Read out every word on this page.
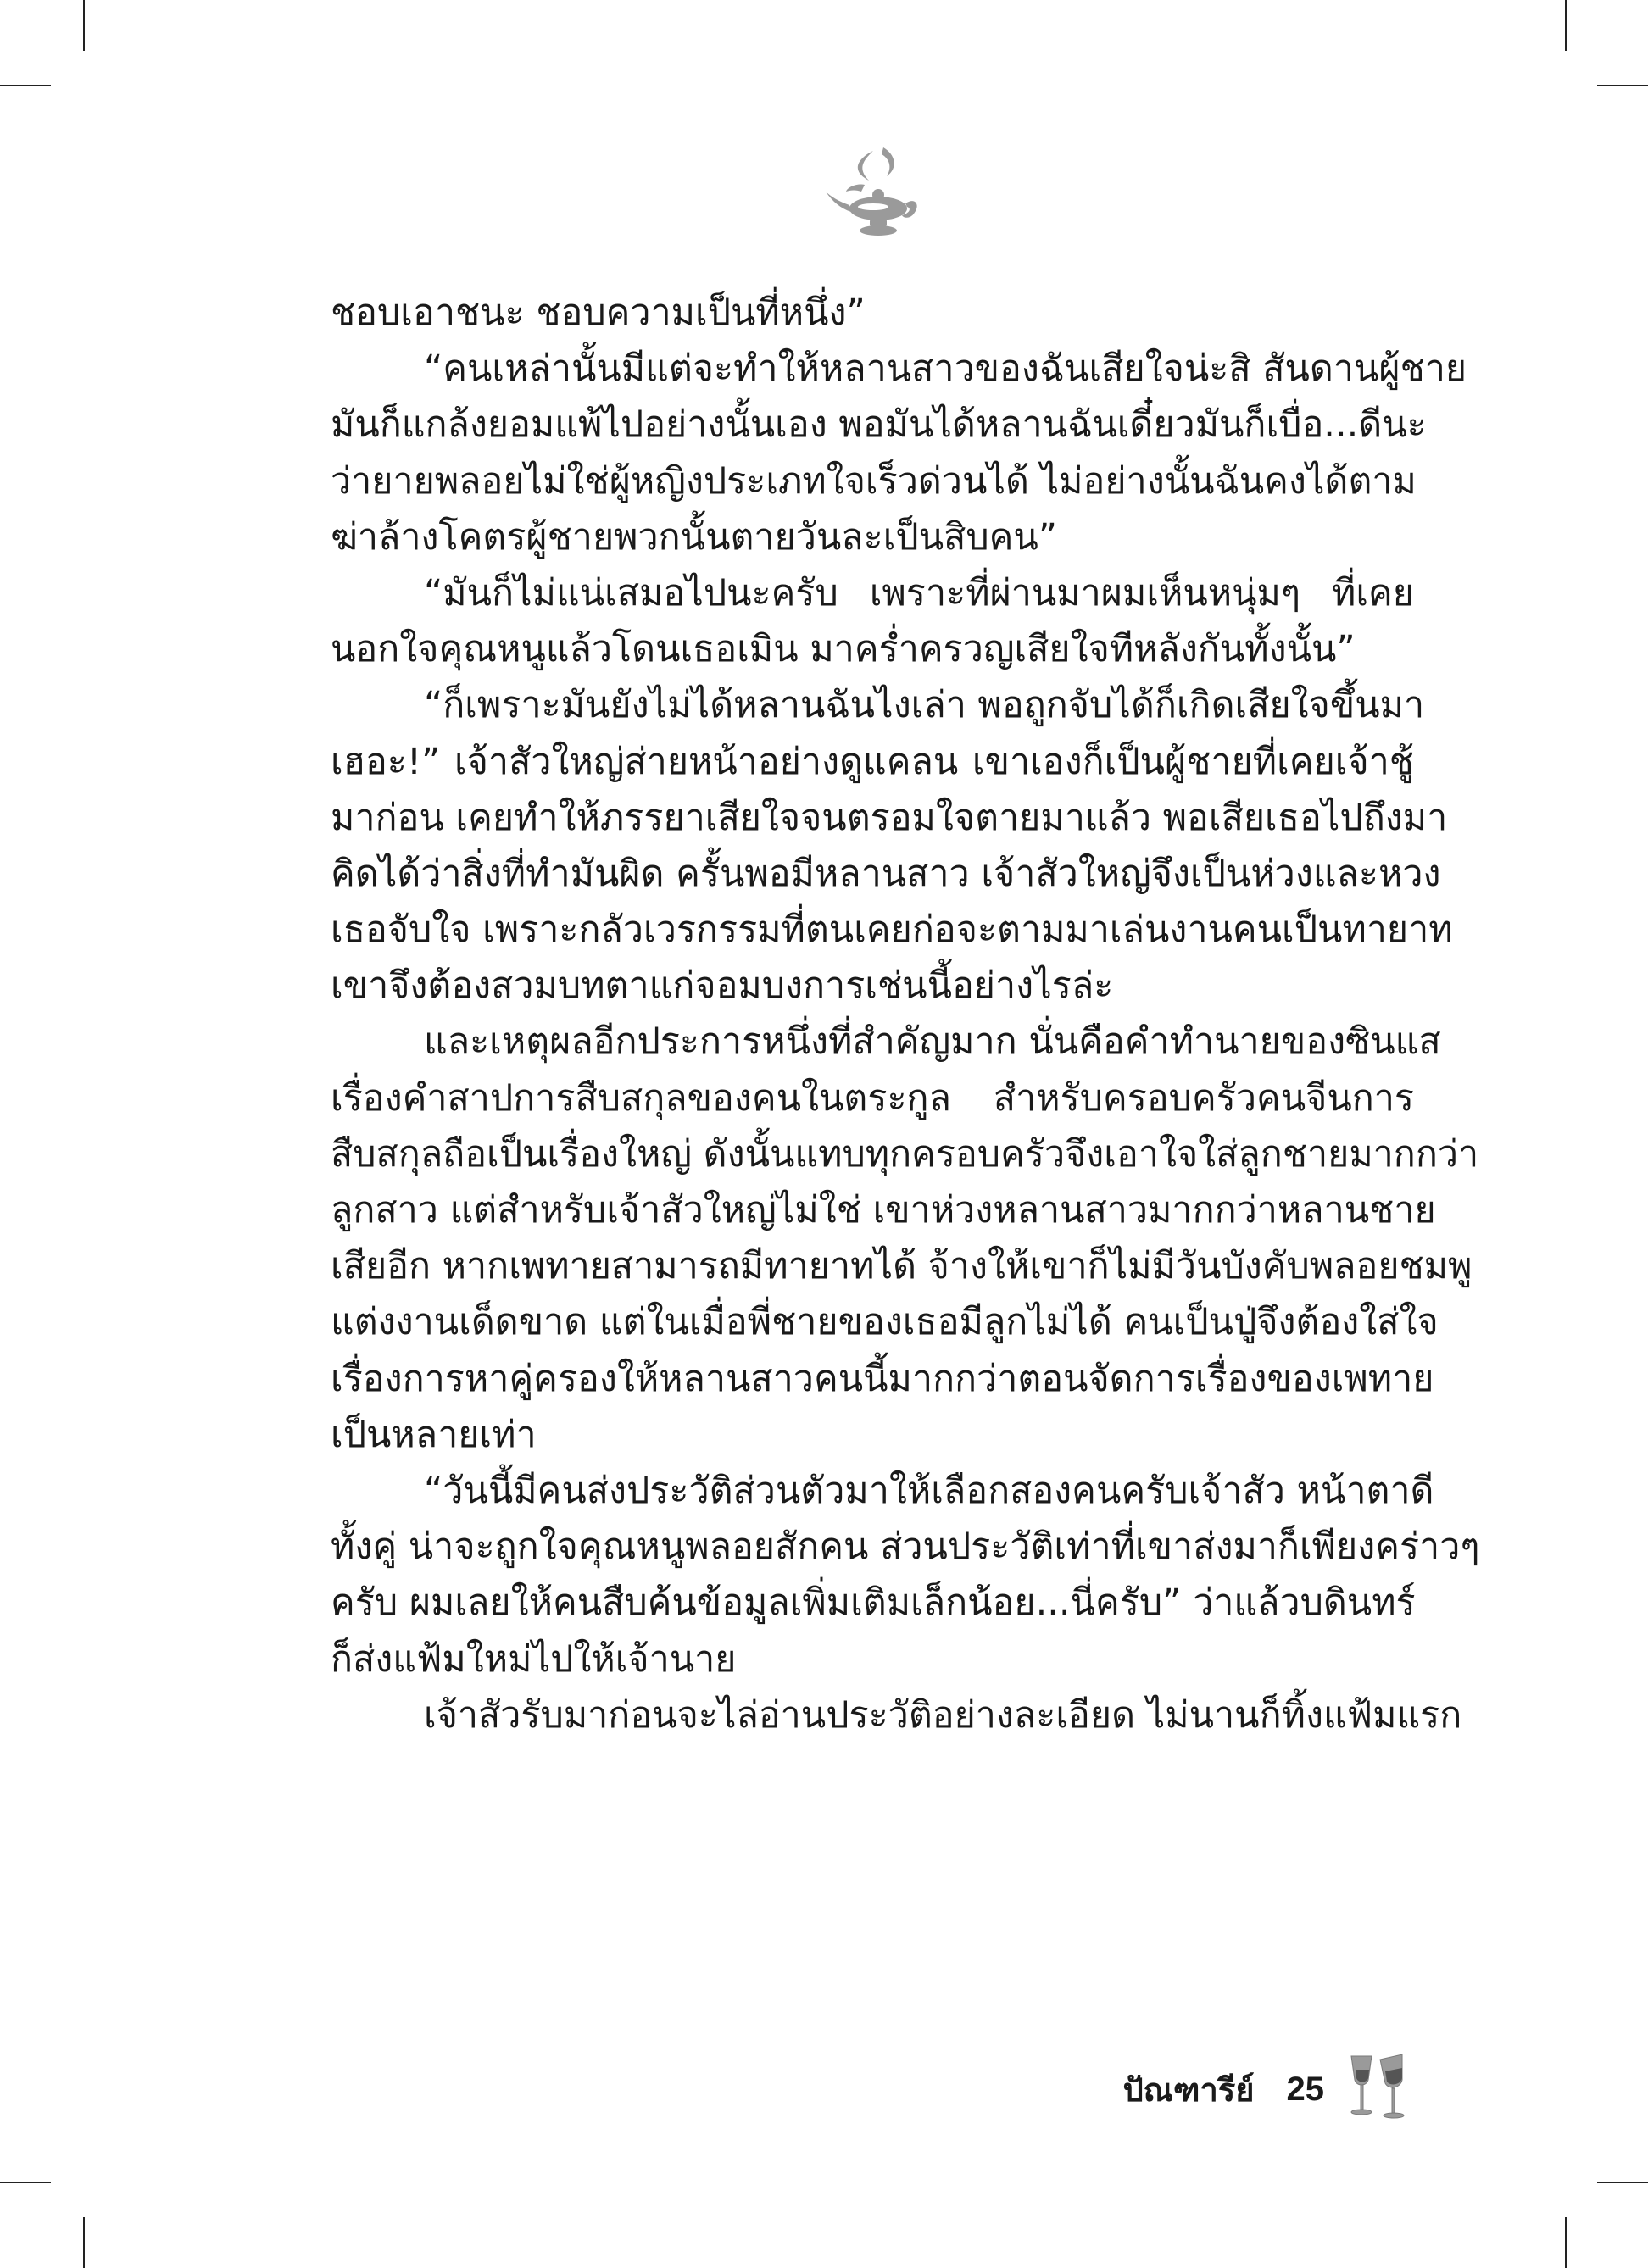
ชอบเอาชนะ ชอบความเป็นที่หนึ่ง”
“คนเหล่านั้นมีแต่จะทำให้หลานสาวของฉันเสียใจน่ะสิ สันดานผู้ชาย
มันก็แกล้งยอมแพ้ไปอย่างนั้นเอง พอมันได้หลานฉันเดี๋ยวมันก็เบื่อ...ดีนะ
ว่ายายพลอยไม่ใช่ผู้หญิงประเภทใจเร็วด่วนได้ ไม่อย่างนั้นฉันคงได้ตาม
ฆ่าล้างโคตรผู้ชายพวกนั้นตายวันละเป็นสิบคน”
“มันก็ไม่แน่เสมอไปนะครับ เพราะที่ผ่านมาผมเห็นหนุ่มๆ ที่เคย
นอกใจคุณหนูแล้วโดนเธอเมิน มาคร่ำครวญเสียใจทีหลังกันทั้งนั้น”
“ก็เพราะมันยังไม่ได้หลานฉันไงเล่า พอถูกจับได้ก็เกิดเสียใจขึ้นมา
เฮอะ!” เจ้าสัวใหญ่ส่ายหน้าอย่างดูแคลน เขาเองก็เป็นผู้ชายที่เคยเจ้าชู้
มาก่อน เคยทำให้ภรรยาเสียใจจนตรอมใจตายมาแล้ว พอเสียเธอไปถึงมา
คิดได้ว่าสิ่งที่ทำมันผิด ครั้นพอมีหลานสาว เจ้าสัวใหญ่จึงเป็นห่วงและหวง
เธอจับใจ เพราะกลัวเวรกรรมที่ตนเคยก่อจะตามมาเล่นงานคนเป็นทายาท
เขาจึงต้องสวมบทตาแก่จอมบงการเช่นนี้อย่างไรล่ะ
และเหตุผลอีกประการหนึ่งที่สำคัญมาก นั่นคือคำทำนายของซินแส
เรื่องคำสาปการสืบสกุลของคนในตระกูล สำหรับครอบครัวคนจีนการ
สืบสกุลถือเป็นเรื่องใหญ่ ดังนั้นแทบทุกครอบครัวจึงเอาใจใส่ลูกชายมากกว่า
ลูกสาว แต่สำหรับเจ้าสัวใหญ่ไม่ใช่ เขาห่วงหลานสาวมากกว่าหลานชาย
เสียอีก หากเพทายสามารถมีทายาทได้ จ้างให้เขาก็ไม่มีวันบังคับพลอยชมพู
แต่งงานเด็ดขาด แต่ในเมื่อพี่ชายของเธอมีลูกไม่ได้ คนเป็นปู่จึงต้องใส่ใจ
เรื่องการหาคู่ครองให้หลานสาวคนนี้มากกว่าตอนจัดการเรื่องของเพทาย
เป็นหลายเท่า
“วันนี้มีคนส่งประวัติส่วนตัวมาให้เลือกสองคนครับเจ้าสัว หน้าตาดี
ทั้งคู่ น่าจะถูกใจคุณหนูพลอยสักคน ส่วนประวัติเท่าที่เขาส่งมาก็เพียงคร่าวๆ
ครับ ผมเลยให้คนสืบค้นข้อมูลเพิ่มเติมเล็กน้อย...นี่ครับ” ว่าแล้วบดินทร์
ก็ส่งแฟ้มใหม่ไปให้เจ้านาย
เจ้าสัวรับมาก่อนจะไล่อ่านประวัติอย่างละเอียด ไม่นานก็ทิ้งแฟ้มแรก
ปัณฑารีย์ 25
